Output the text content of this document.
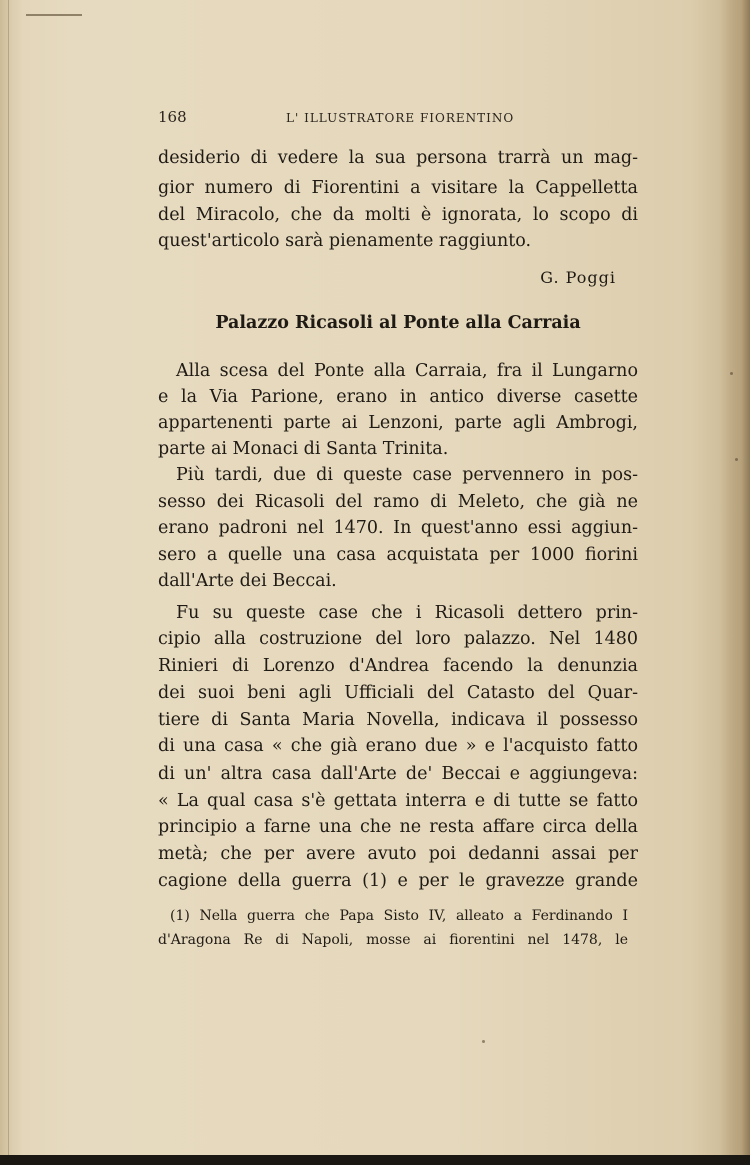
168	L' ILLUSTRATORE FIORENTINO
desiderio di vedere la sua persona trarrà un mag-
gior numero di Fiorentini a visitare la Cappelletta
del Miracolo, che da molti è ignorata, lo scopo di
quest'articolo sarà pienamente raggiunto.
G. Poggi
Palazzo Ricasoli al Ponte alla Carraia
Alla scesa del Ponte alla Carraia, fra il Lungarno
e la Via Parione, erano in antico diverse casette
appartenenti parte ai Lenzoni, parte agli Ambrogi,
parte ai Monaci di Santa Trinita.
Più tardi, due di queste case pervennero in pos-
sesso dei Ricasoli del ramo di Meleto, che già ne
erano padroni nel 1470. In quest'anno essi aggiun-
sero a quelle una casa acquistata per 1000 fiorini
dall'Arte dei Beccai.
Fu su queste case che i Ricasoli dettero prin-
cipio alla costruzione del loro palazzo. Nel 1480
Rinieri di Lorenzo d'Andrea facendo la denunzia
dei suoi beni agli Ufficiali del Catasto del Quar-
tiere di Santa Maria Novella, indicava il possesso
di una casa « che già erano due » e l'acquisto fatto
di un' altra casa dall'Arte de' Beccai e aggiungeva:
« La qual casa s'è gettata interra e di tutte se fatto
principio a farne una che ne resta affare circa della
metà; che per avere avuto poi dedanni assai per
cagione della guerra (1) e per le gravezze grande
(1) Nella guerra che Papa Sisto IV, alleato a Ferdinando I
d'Aragona Re di Napoli, mosse ai fiorentini nel 1478, le
